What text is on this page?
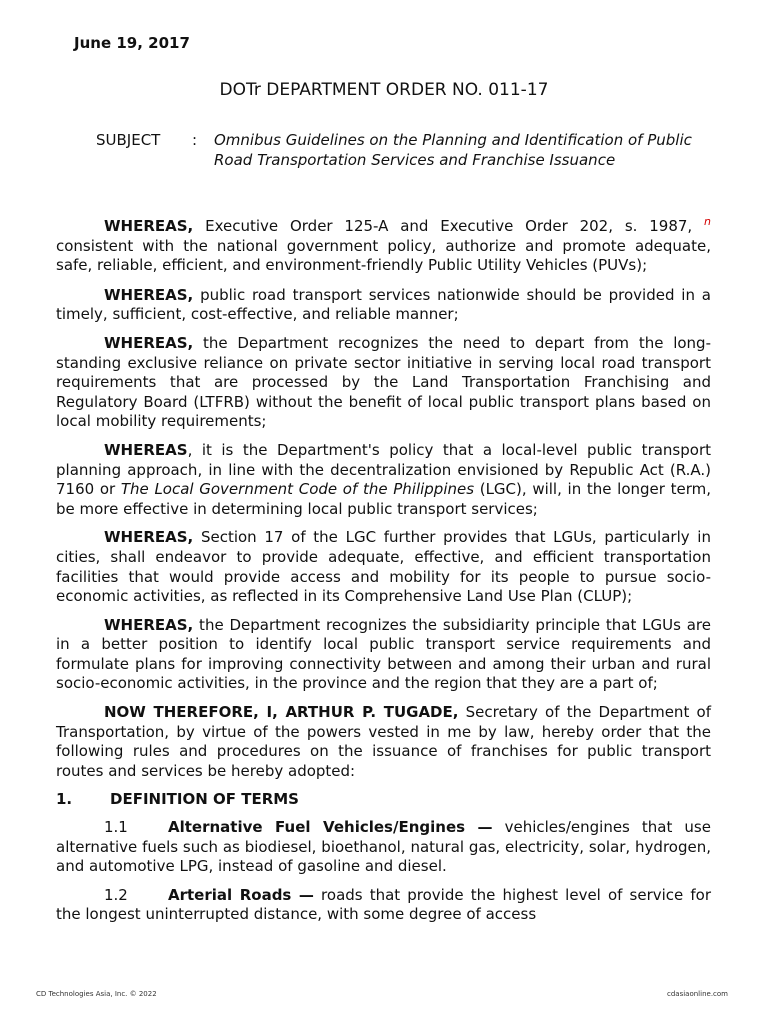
June 19, 2017
DOTr DEPARTMENT ORDER NO. 011-17
SUBJECT	: Omnibus Guidelines on the Planning and Identification of Public Road Transportation Services and Franchise Issuance

WHEREAS, Executive Order 125-A and Executive Order 202, s. 1987, $^n$ consistent with the national government policy, authorize and promote adequate, safe, reliable, efficient, and environment-friendly Public Utility Vehicles (PUVs);

WHEREAS, public road transport services nationwide should be provided in a timely, sufficient, cost-effective, and reliable manner;

WHEREAS, the Department recognizes the need to depart from the long-standing exclusive reliance on private sector initiative in serving local road transport requirements that are processed by the Land Transportation Franchising and Regulatory Board (LTFRB) without the benefit of local public transport plans based on local mobility requirements;

WHEREAS, it is the Department's policy that a local-level public transport planning approach, in line with the decentralization envisioned by Republic Act (R.A.) 7160 or The Local Government Code of the Philippines (LGC), will, in the longer term, be more effective in determining local public transport services;

WHEREAS, Section 17 of the LGC further provides that LGUs, particularly in cities, shall endeavor to provide adequate, effective, and efficient transportation facilities that would provide access and mobility for its people to pursue socio-economic activities, as reflected in its Comprehensive Land Use Plan (CLUP);

WHEREAS, the Department recognizes the subsidiarity principle that LGUs are in a better position to identify local public transport service requirements and formulate plans for improving connectivity between and among their urban and rural socio-economic activities, in the province and the region that they are a part of;

NOW THEREFORE, I, ARTHUR P. TUGADE, Secretary of the Department of Transportation, by virtue of the powers vested in me by law, hereby order that the following rules and procedures on the issuance of franchises for public transport routes and services be hereby adopted:

1.	DEFINITION OF TERMS

1.1	Alternative Fuel Vehicles/Engines — vehicles/engines that use alternative fuels such as biodiesel, bioethanol, natural gas, electricity, solar, hydrogen, and automotive LPG, instead of gasoline and diesel.

1.2	Arterial Roads — roads that provide the highest level of service for the longest uninterrupted distance, with some degree of access

CD Technologies Asia, Inc. © 2022	cdasiaonline.com
